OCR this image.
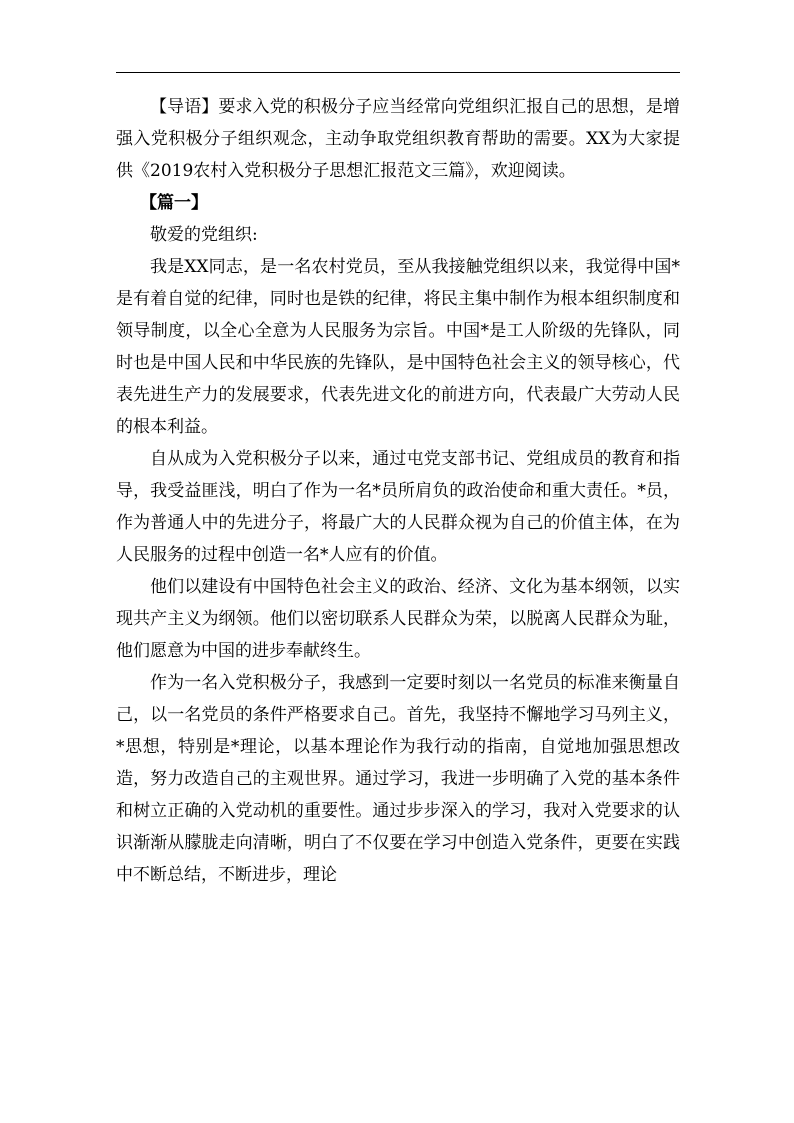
【导语】要求入党的积极分子应当经常向党组织汇报自己的思想，是增强入党积极分子组织观念，主动争取党组织教育帮助的需要。XX为大家提供《2019农村入党积极分子思想汇报范文三篇》，欢迎阅读。

【篇一】

敬爱的党组织:

我是XX同志，是一名农村党员，至从我接触党组织以来，我觉得中国*是有着自觉的纪律，同时也是铁的纪律，将民主集中制作为根本组织制度和领导制度，以全心全意为人民服务为宗旨。中国*是工人阶级的先锋队，同时也是中国人民和中华民族的先锋队，是中国特色社会主义的领导核心，代表先进生产力的发展要求，代表先进文化的前进方向，代表最广大劳动人民的根本利益。

自从成为入党积极分子以来，通过屯党支部书记、党组成员的教育和指导，我受益匪浅，明白了作为一名*员所肩负的政治使命和重大责任。*员，作为普通人中的先进分子，将最广大的人民群众视为自己的价值主体，在为人民服务的过程中创造一名*人应有的价值。

他们以建设有中国特色社会主义的政治、经济、文化为基本纲领，以实现共产主义为纲领。他们以密切联系人民群众为荣，以脱离人民群众为耻，他们愿意为中国的进步奉献终生。

作为一名入党积极分子，我感到一定要时刻以一名党员的标准来衡量自己，以一名党员的条件严格要求自己。首先，我坚持不懈地学习马列主义，*思想，特别是*理论，以基本理论作为我行动的指南，自觉地加强思想改造，努力改造自己的主观世界。通过学习，我进一步明确了入党的基本条件和树立正确的入党动机的重要性。通过步步深入的学习，我对入党要求的认识渐渐从朦胧走向清晰，明白了不仅要在学习中创造入党条件，更要在实践中不断总结，不断进步，理论
